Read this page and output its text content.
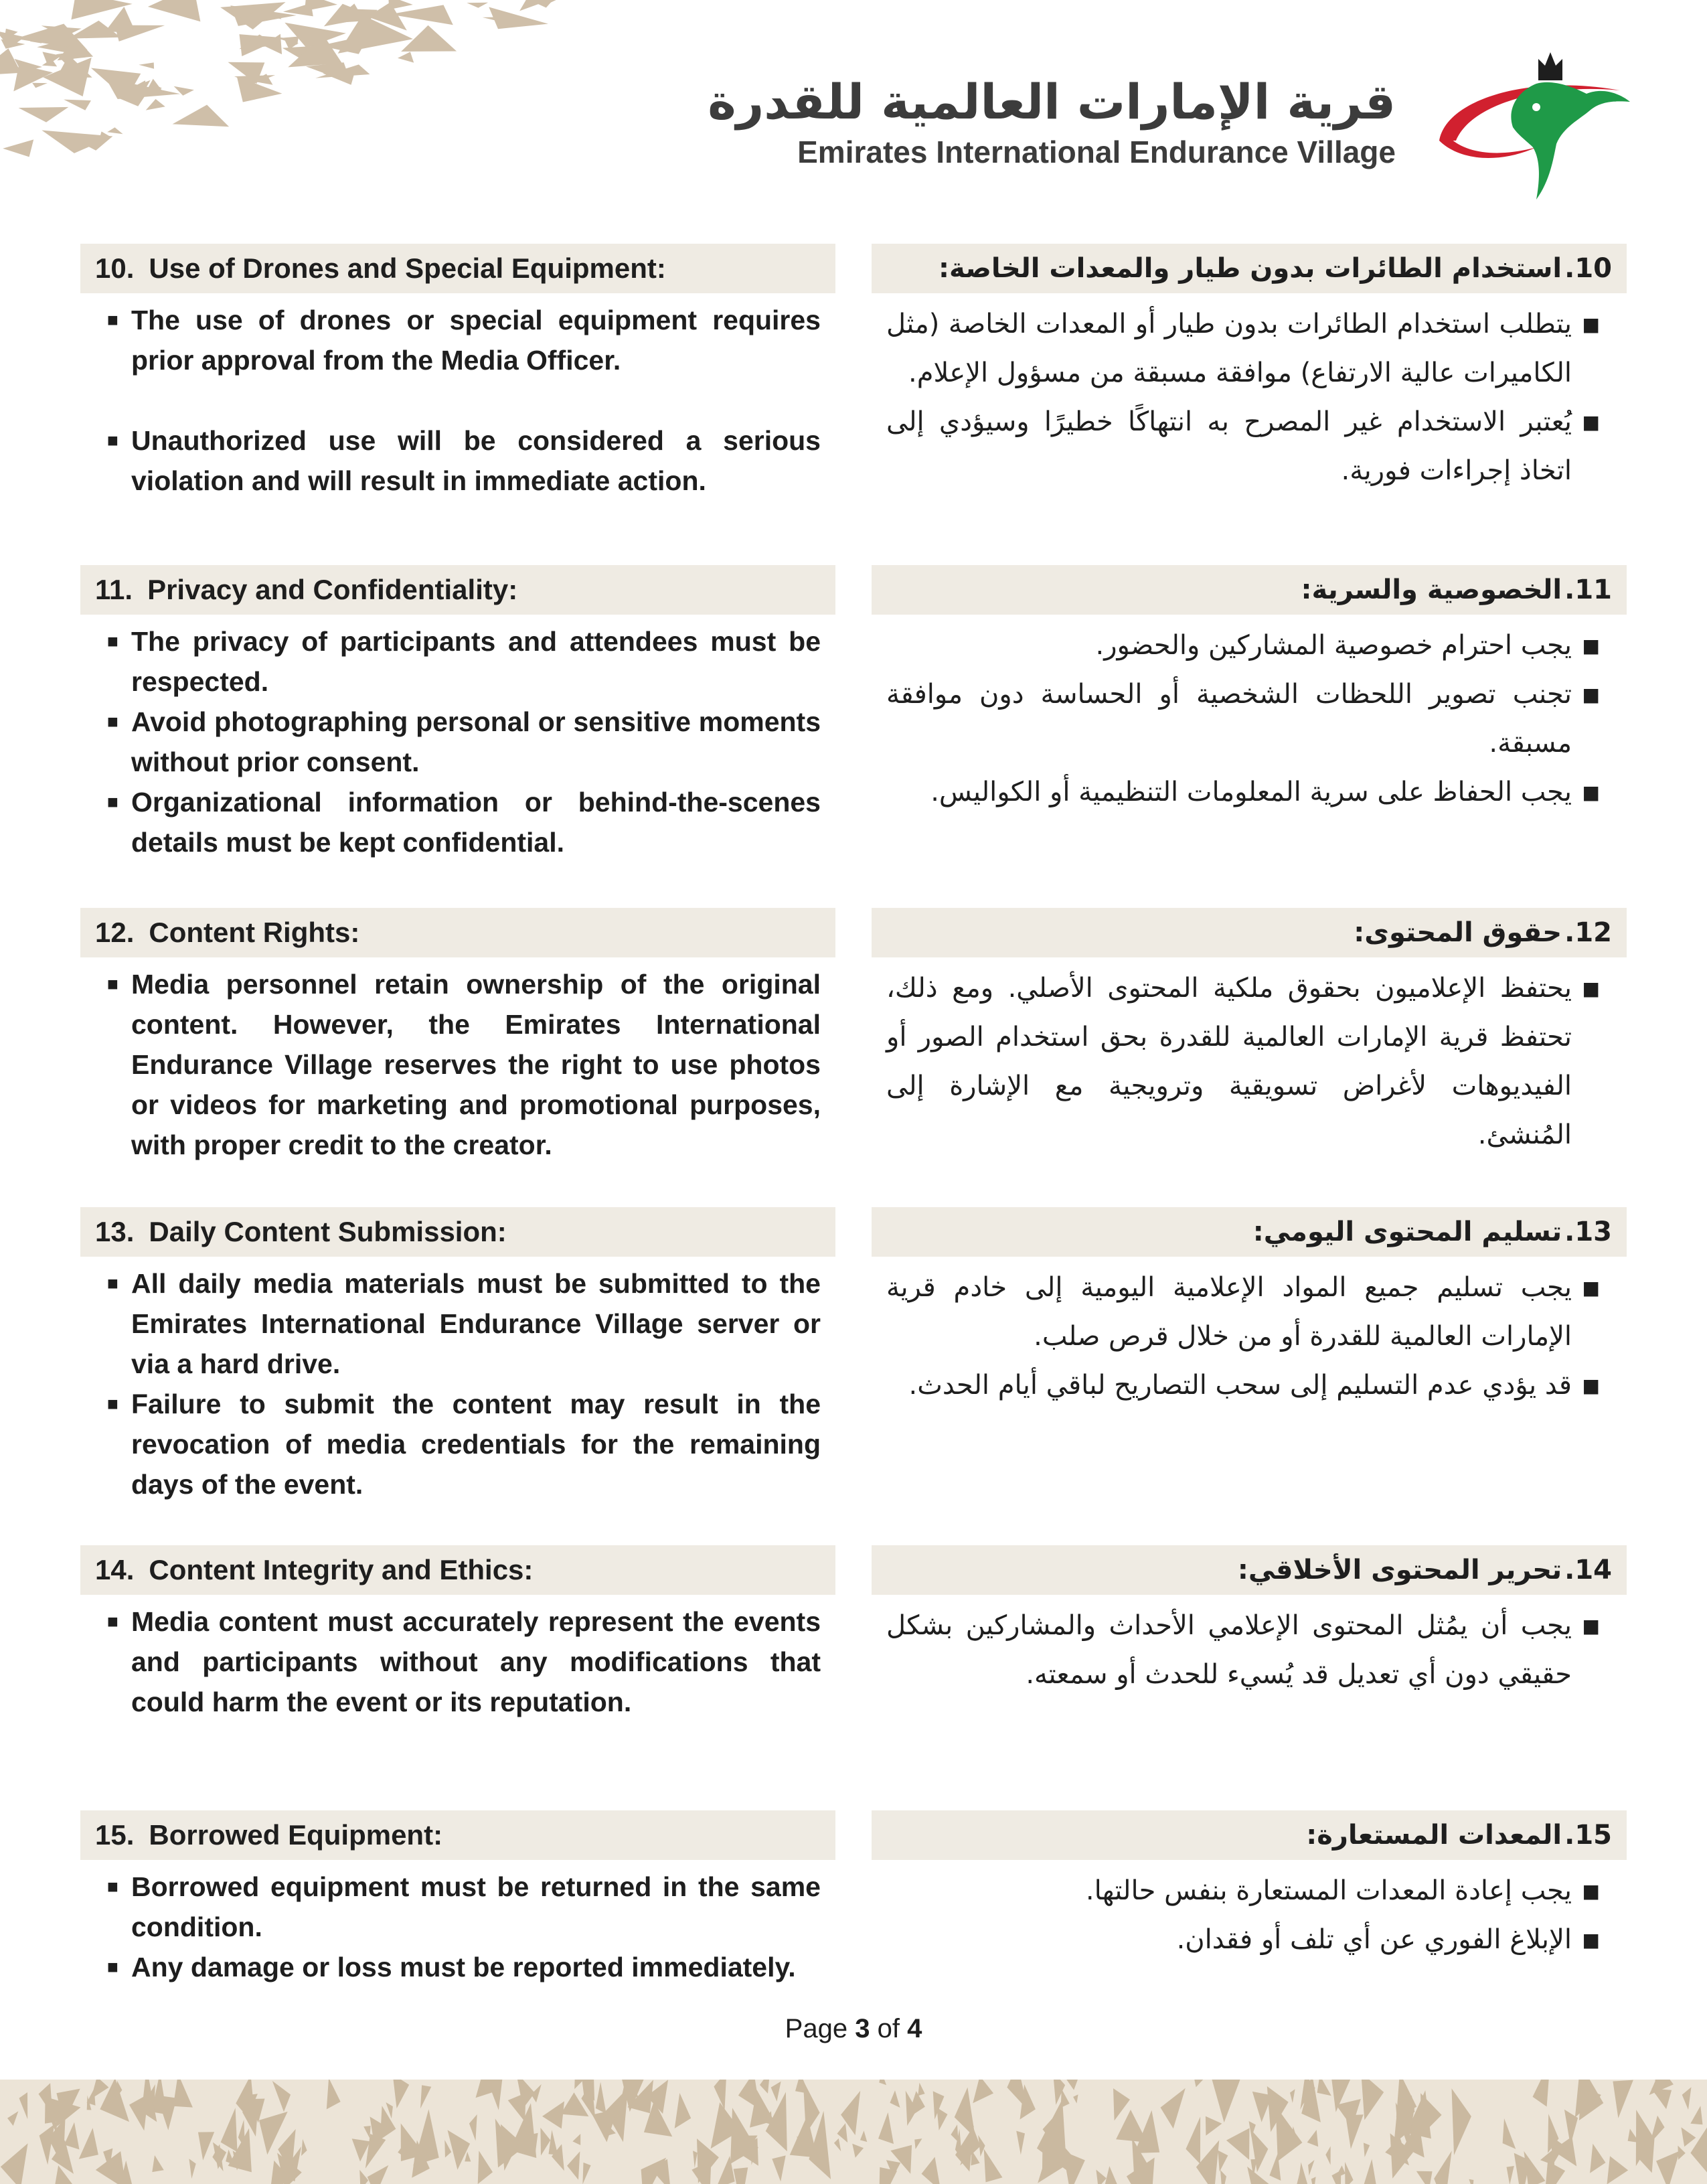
قرية الإمارات العالمية للقدرة
Emirates International Endurance Village
10. Use of Drones and Special Equipment:
■ The use of drones or special equipment requires prior approval from the Media Officer.
■ Unauthorized use will be considered a serious violation and will result in immediate action.
10.
استخدام الطائرات بدون طيار والمعدات الخاصة:
■
يتطلب استخدام الطائرات بدون طيار أو المعدات الخاصة (مثل الكاميرات عالية الارتفاع) موافقة مسبقة من مسؤول الإعلام.
■
يُعتبر الاستخدام غير المصرح به انتهاكًا خطيرًا وسيؤدي إلى اتخاذ إجراءات فورية.
11. Privacy and Confidentiality:
■ The privacy of participants and attendees must be respected.
■ Avoid photographing personal or sensitive moments without prior consent.
■ Organizational information or behind-the-scenes details must be kept confidential.
11.
الخصوصية والسرية:
■
يجب احترام خصوصية المشاركين والحضور.
■
تجنب تصوير اللحظات الشخصية أو الحساسة دون موافقة مسبقة.
■
يجب الحفاظ على سرية المعلومات التنظيمية أو الكواليس.
12. Content Rights:
■ Media personnel retain ownership of the original content. However, the Emirates International Endurance Village reserves the right to use photos or videos for marketing and promotional purposes, with proper credit to the creator.
12.
حقوق المحتوى:
■
يحتفظ الإعلاميون بحقوق ملكية المحتوى الأصلي. ومع ذلك، تحتفظ قرية الإمارات العالمية للقدرة بحق استخدام الصور أو الفيديوهات لأغراض تسويقية وترويجية مع الإشارة إلى المُنشئ.
13. Daily Content Submission:
■ All daily media materials must be submitted to the Emirates International Endurance Village server or via a hard drive.
■ Failure to submit the content may result in the revocation of media credentials for the remaining days of the event.
13.
تسليم المحتوى اليومي:
■
يجب تسليم جميع المواد الإعلامية اليومية إلى خادم قرية الإمارات العالمية للقدرة أو من خلال قرص صلب.
■
قد يؤدي عدم التسليم إلى سحب التصاريح لباقي أيام الحدث.
14. Content Integrity and Ethics:
■ Media content must accurately represent the events and participants without any modifications that could harm the event or its reputation.
14.
تحرير المحتوى الأخلاقي:
■
يجب أن يمُثل المحتوى الإعلامي الأحداث والمشاركين بشكل حقيقي دون أي تعديل قد يُسيء للحدث أو سمعته.
15. Borrowed Equipment:
■ Borrowed equipment must be returned in the same condition.
■ Any damage or loss must be reported immediately.
15.
المعدات المستعارة:
■
يجب إعادة المعدات المستعارة بنفس حالتها.
■
الإبلاغ الفوري عن أي تلف أو فقدان.
Page 3 of 4
